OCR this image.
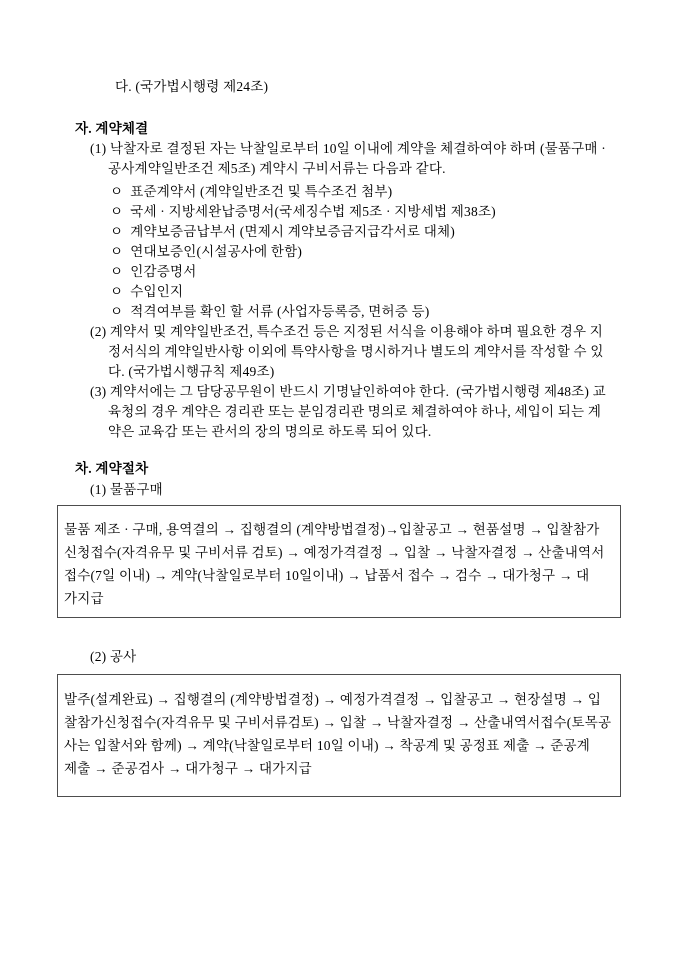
다. (국가법시행령 제24조)
자. 계약체결
(1) 낙찰자로 결정된 자는 낙찰일로부터 10일 이내에 계약을 체결하여야 하며 (물품구매 ·
공사계약일반조건 제5조) 계약시 구비서류는 다음과 같다.
ㅇ 표준계약서 (계약일반조건 및 특수조건 첨부)
ㅇ 국세 · 지방세완납증명서(국세징수법 제5조 · 지방세법 제38조)
ㅇ 계약보증금납부서 (면제시 계약보증금지급각서로 대체)
ㅇ 연대보증인(시설공사에 한함)
ㅇ 인감증명서
ㅇ 수입인지
ㅇ 적격여부를 확인 할 서류 (사업자등록증, 면허증 등)
(2) 계약서 및 계약일반조건, 특수조건 등은 지정된 서식을 이용해야 하며 필요한 경우 지
정서식의 계약일반사항 이외에 특약사항을 명시하거나 별도의 계약서를 작성할 수 있
다. (국가법시행규칙 제49조)
(3) 계약서에는 그 담당공무원이 반드시 기명날인하여야 한다.  (국가법시행령 제48조) 교
육청의 경우 계약은 경리관 또는 분임경리관 명의로 체결하여야 하나, 세입이 되는 계
약은 교육감 또는 관서의 장의 명의로 하도록 되어 있다.
차. 계약절차
(1) 물품구매
물품 제조 · 구매, 용역결의 → 집행결의 (계약방법결정)→입찰공고 → 현품설명 → 입찰참가
신청접수(자격유무 및 구비서류 검토) → 예정가격결정 → 입찰 → 낙찰자결정 → 산출내역서
접수(7일 이내) → 계약(낙찰일로부터 10일이내) → 납품서 접수 → 검수 → 대가청구 → 대
가지급
(2) 공사
발주(설계완료) → 집행결의 (계약방법결정) → 예정가격결정 → 입찰공고 → 현장설명 → 입
찰참가신청접수(자격유무 및 구비서류검토) → 입찰 → 낙찰자결정 → 산출내역서접수(토목공
사는 입찰서와 함께) → 계약(낙찰일로부터 10일 이내) → 착공계 및 공정표 제출 → 준공계
제출 → 준공검사 → 대가청구 → 대가지급
